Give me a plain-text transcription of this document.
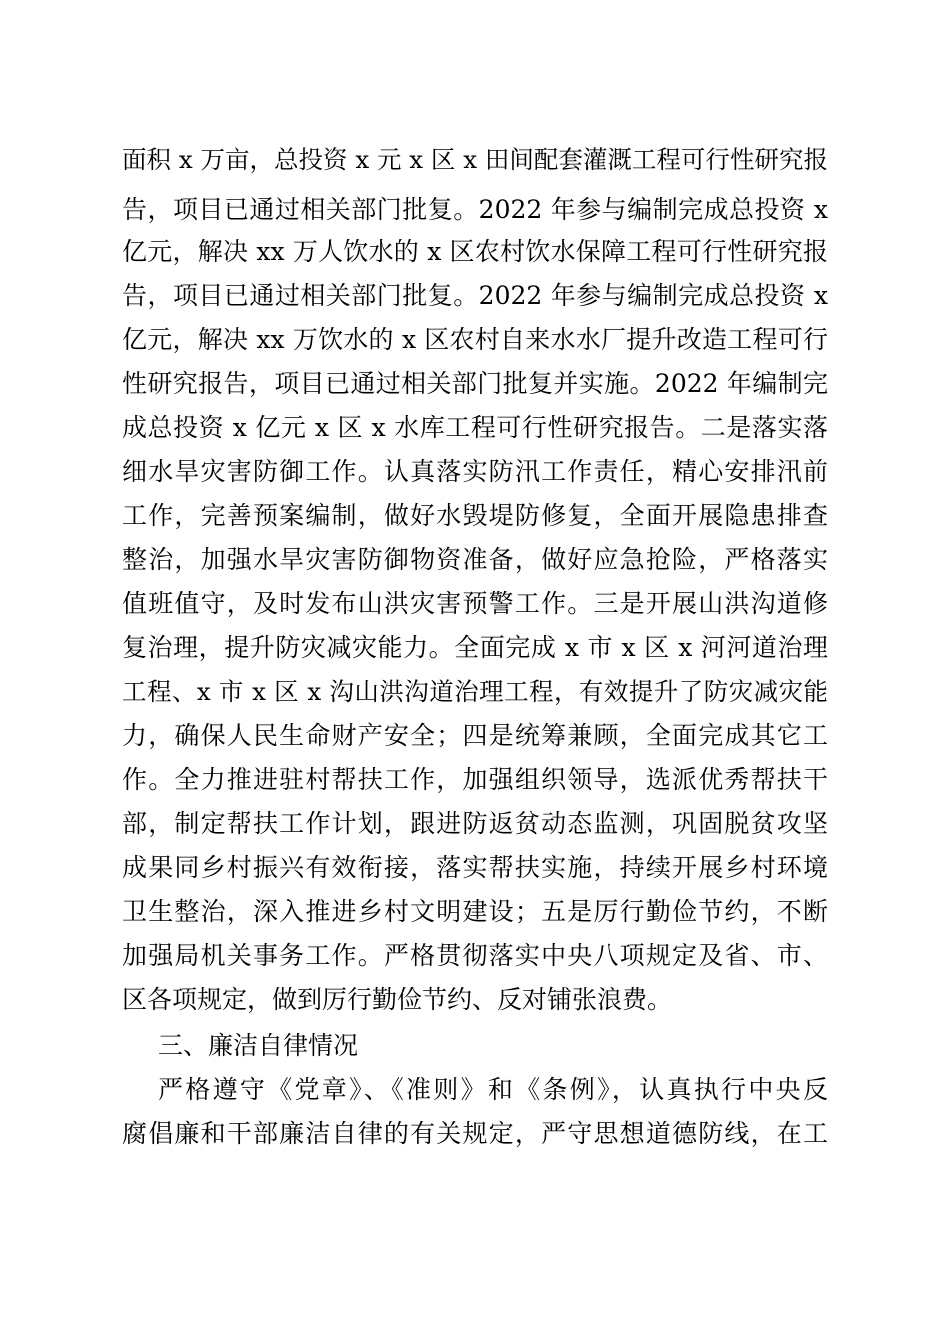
面积 x 万亩，总投资 x 元 x 区 x 田间配套灌溉工程可行性研究报
告，项目已通过相关部门批复。2022 年参与编制完成总投资 x
亿元，解决 xx 万人饮水的 x 区农村饮水保障工程可行性研究报
告，项目已通过相关部门批复。2022 年参与编制完成总投资 x
亿元，解决 xx 万饮水的 x 区农村自来水水厂提升改造工程可行
性研究报告，项目已通过相关部门批复并实施。2022 年编制完
成总投资 x 亿元 x 区 x 水库工程可行性研究报告。二是落实落
细水旱灾害防御工作。认真落实防汛工作责任，精心安排汛前
工作，完善预案编制，做好水毁堤防修复，全面开展隐患排查
整治，加强水旱灾害防御物资准备，做好应急抢险，严格落实
值班值守，及时发布山洪灾害预警工作。三是开展山洪沟道修
复治理，提升防灾减灾能力。全面完成 x 市 x 区 x 河河道治理
工程、x 市 x 区 x 沟山洪沟道治理工程，有效提升了防灾减灾能
力，确保人民生命财产安全；四是统筹兼顾，全面完成其它工
作。全力推进驻村帮扶工作，加强组织领导，选派优秀帮扶干
部，制定帮扶工作计划，跟进防返贫动态监测，巩固脱贫攻坚
成果同乡村振兴有效衔接，落实帮扶实施，持续开展乡村环境
卫生整治，深入推进乡村文明建设；五是厉行勤俭节约，不断
加强局机关事务工作。严格贯彻落实中央八项规定及省、市、
区各项规定，做到厉行勤俭节约、反对铺张浪费。
三、廉洁自律情况
严格遵守《党章》、《准则》和《条例》，认真执行中央反
腐倡廉和干部廉洁自律的有关规定，严守思想道德防线，在工
